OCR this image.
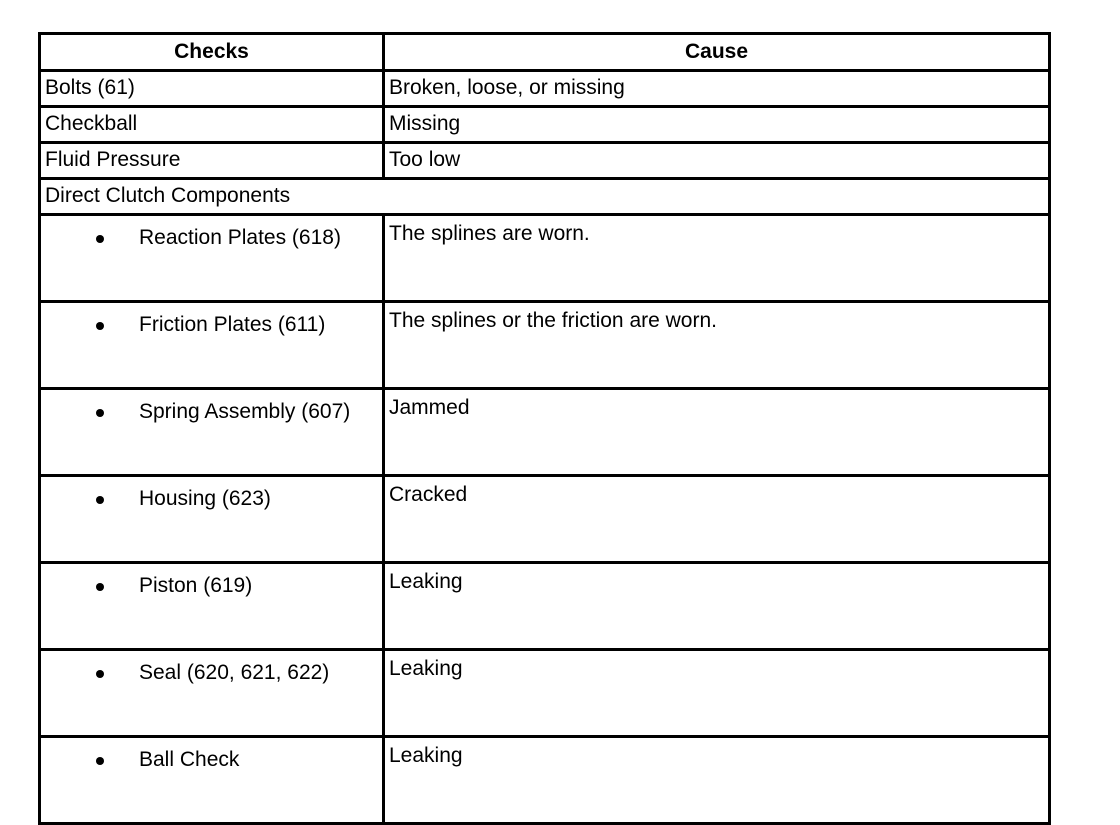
Checks	Cause
Bolts (61)	Broken, loose, or missing
Checkball	Missing
Fluid Pressure	Too low
Direct Clutch Components	

Reaction Plates (618)	The splines are worn.

Friction Plates (611)	The splines or the friction are worn.

Spring Assembly (607)	Jammed

Housing (623)	Cracked

Piston (619)	Leaking

Seal (620, 621, 622)	Leaking

Ball Check	Leaking
